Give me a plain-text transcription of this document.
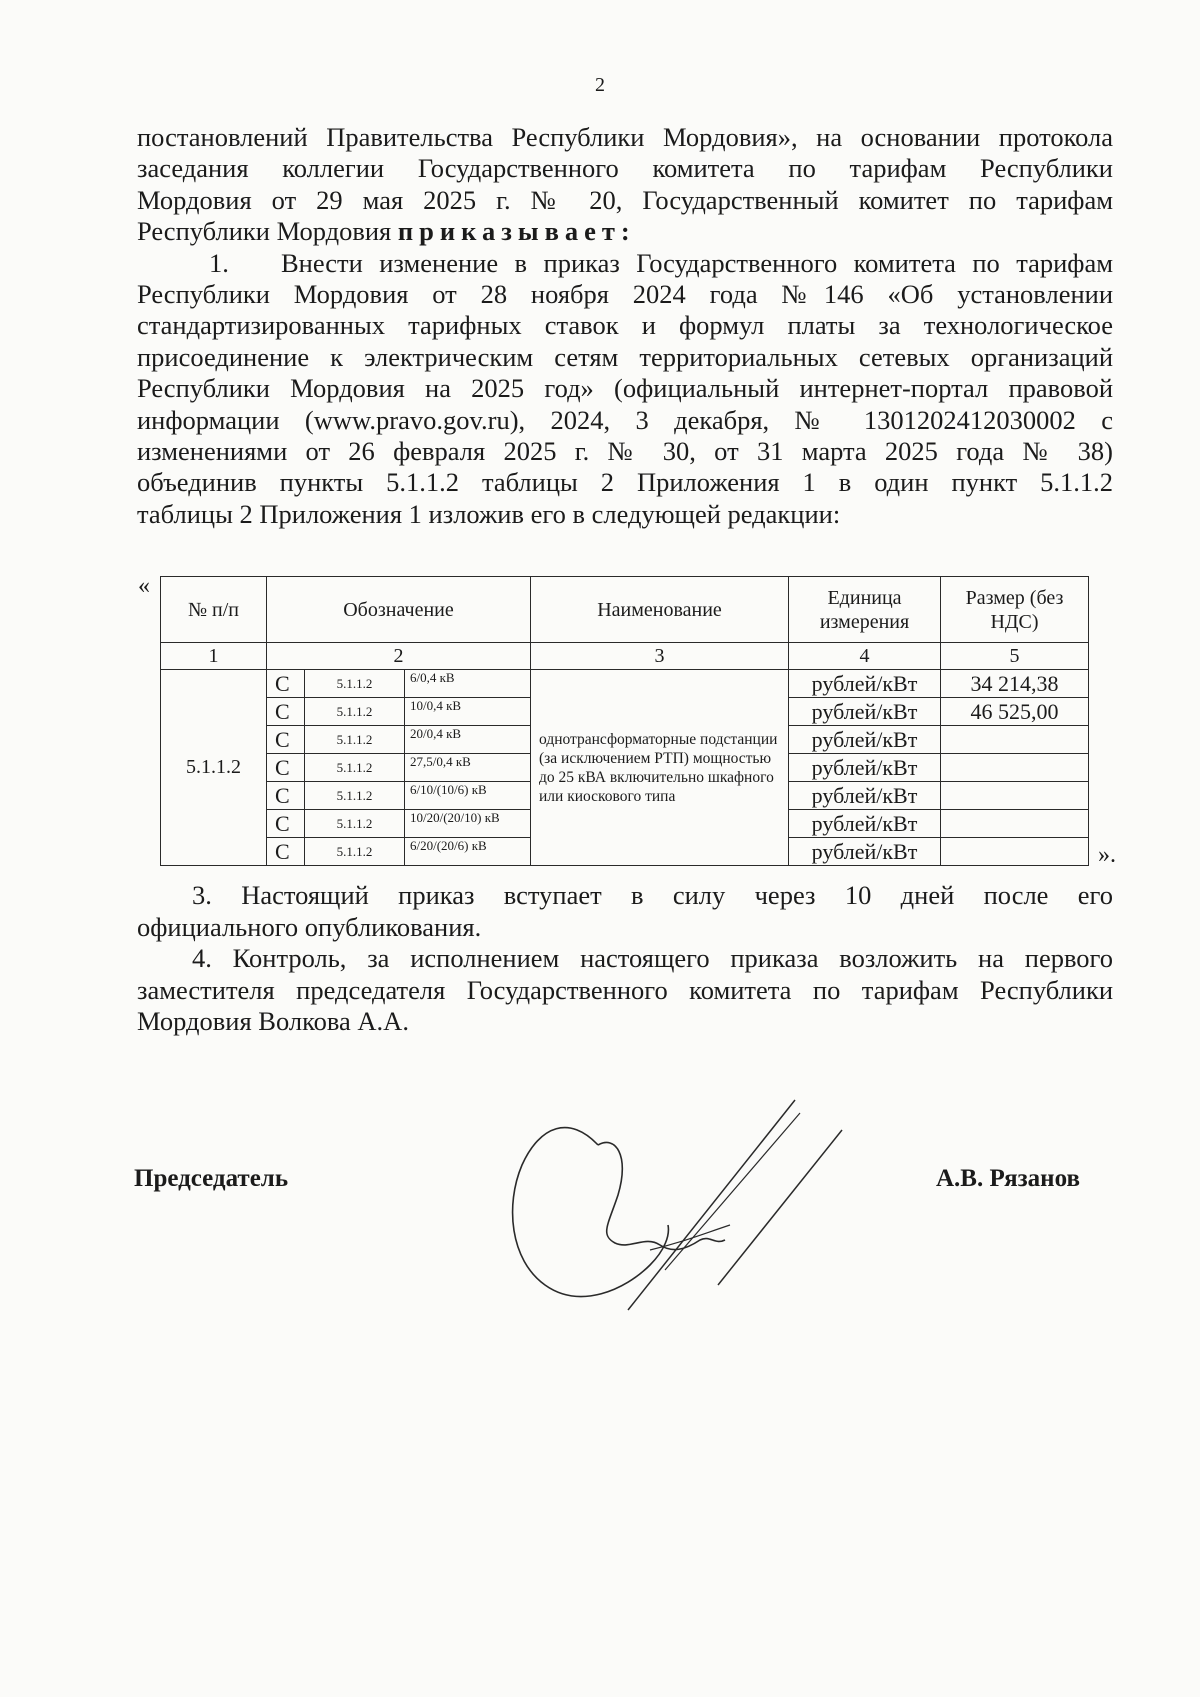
2

постановлений Правительства Республики Мордовия», на основании протокола

заседания коллегии Государственного комитета по тарифам Республики

Мордовия от 29 мая 2025 г. № 20, Государственный комитет по тарифам

Республики Мордовия приказывает:

1. Внести изменение в приказ Государственного комитета по тарифам

Республики Мордовия от 28 ноября 2024 года №146 «Об установлении

стандартизированных тарифных ставок и формул платы за технологическое

присоединение к электрическим сетям территориальных сетевых организаций

Республики Мордовия на 2025 год» (официальный интернет-портал правовой

информации (www.pravo.gov.ru), 2024, 3 декабря, № 1301202412030002 с

изменениями от 26 февраля 2025 г. № 30, от 31 марта 2025 года № 38)

объединив пункты 5.1.1.2 таблицы 2 Приложения 1 в один пункт 5.1.1.2

таблицы 2 Приложения 1 изложив его в следующей редакции:

3. Настоящий приказ вступает в силу через 10 дней после его

официального опубликования.

4. Контроль, за исполнением настоящего приказа возложить на первого

заместителя председателя Государственного комитета по тарифам Республики

Мордовия Волкова А.А.

«
№ п/п	Обозначение			Наименование	Единица измерения	Размер (без НДС)
1	2			3	4	5
5.1.1.2	C	5.1.1.2	6/0,4 кВ	однотрансформаторные подстанции (за исключением РТП) мощностью до 25 кВА включительно шкафного или киоскового типа	рублей/кВт	34 214,38
	C	5.1.1.2	10/0,4 кВ		рублей/кВт	46 525,00
	C	5.1.1.2	20/0,4 кВ		рублей/кВт	
	C	5.1.1.2	27,5/0,4 кВ		рублей/кВт	
	C	5.1.1.2	6/10/(10/6) кВ		рублей/кВт	
	C	5.1.1.2	10/20/(20/10) кВ		рублей/кВт	
	C	5.1.1.2	6/20/(20/6) кВ		рублей/кВт		».
Председатель	А.В. Рязанов
